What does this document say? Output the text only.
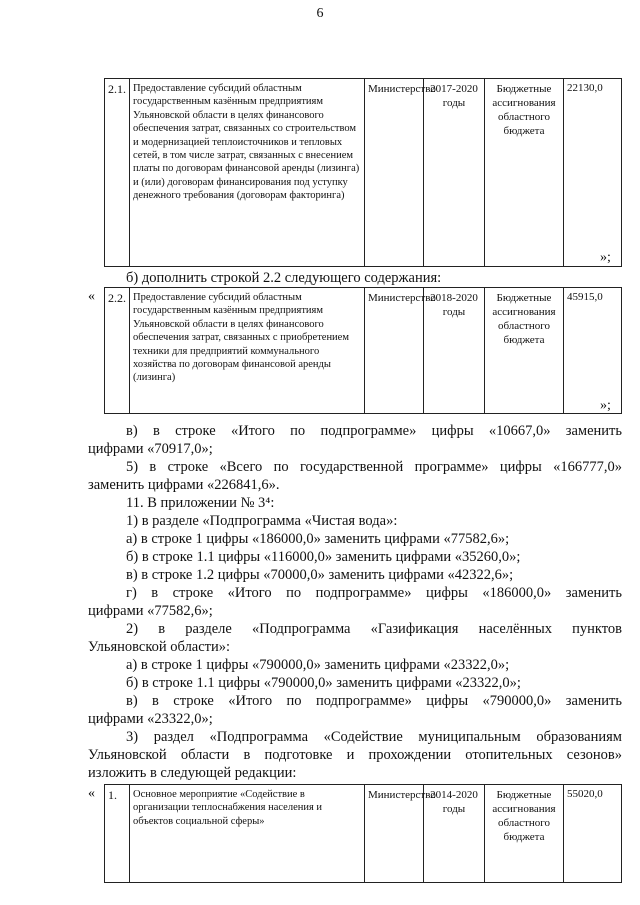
6
2.1.	Предоставление субсидий областным государственным казённым предприятиям Ульяновской области в целях финансового обеспечения затрат, связанных со строительством и модернизацией теплоисточников и тепловых сетей, в том числе затрат, связанных с внесением платы по договорам финансовой аренды (лизинга) и (или) договорам финансирования под уступку денежного требования (договорам факторинга)	Министерство	2017-2020 годы	Бюджетные ассигнования областного бюджета	22130,0
»;

б) дополнить строкой 2.2 следующего содержания:

« 2.2.	Предоставление субсидий областным государственным казённым предприятиям Ульяновской области в целях финансового обеспечения затрат, связанных с приобретением техники для предприятий коммунального хозяйства по договорам финансовой аренды (лизинга)	Министерство	2018-2020 годы	Бюджетные ассигнования областного бюджета	45915,0
»;

в) в строке «Итого по подпрограмме» цифры «10667,0» заменить

цифрами «70917,0»;

5) в строке «Всего по государственной программе» цифры «166777,0»

заменить цифрами «226841,6».

11. В приложении № 3⁴:

1) в разделе «Подпрограмма «Чистая вода»:

а) в строке 1 цифры «186000,0» заменить цифрами «77582,6»;

б) в строке 1.1 цифры «116000,0» заменить цифрами «35260,0»;

в) в строке 1.2 цифры «70000,0» заменить цифрами «42322,6»;

г) в строке «Итого по подпрограмме» цифры «186000,0» заменить

цифрами «77582,6»;

2) в разделе «Подпрограмма «Газификация населённых пунктов

Ульяновской области»:

а) в строке 1 цифры «790000,0» заменить цифрами «23322,0»;

б) в строке 1.1 цифры «790000,0» заменить цифрами «23322,0»;

в) в строке «Итого по подпрограмме» цифры «790000,0» заменить

цифрами «23322,0»;

3) раздел «Подпрограмма «Содействие муниципальным образованиям

Ульяновской области в подготовке и прохождении отопительных сезонов»

изложить в следующей редакции:

« 1.	Основное мероприятие «Содействие в организации теплоснабжения населения и объектов социальной сферы»	Министерство	2014-2020 годы	Бюджетные ассигнования областного бюджета	55020,0
